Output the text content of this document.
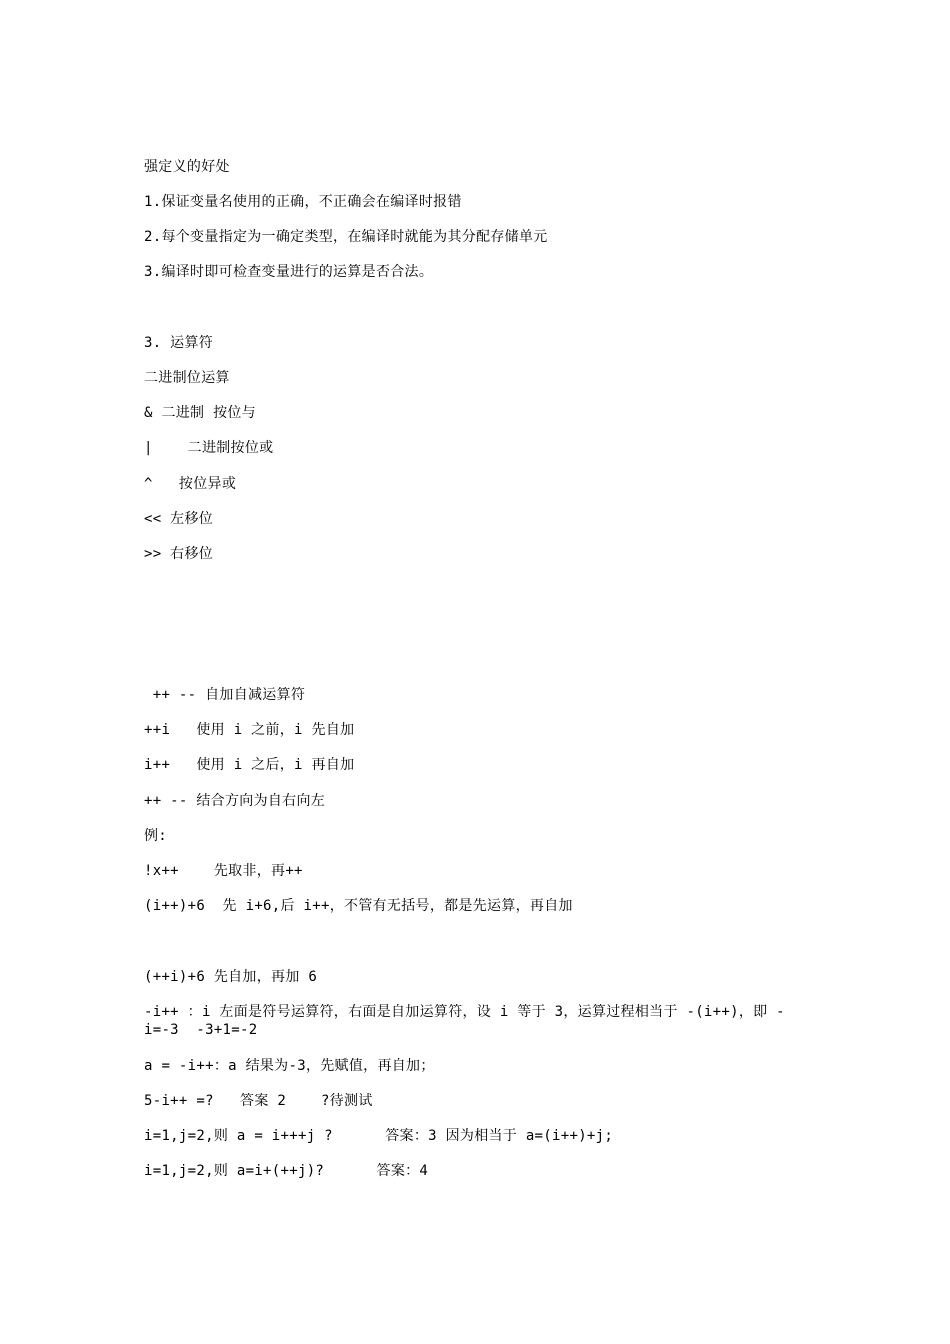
强定义的好处
1.保证变量名使用的正确，不正确会在编译时报错
2.每个变量指定为一确定类型，在编译时就能为其分配存储单元
3.编译时即可检查变量进行的运算是否合法。
3. 运算符
二进制位运算
& 二进制 按位与
|    二进制按位或
^   按位异或
<< 左移位
>> 右移位
++ -- 自加自减运算符
++i   使用 i 之前，i 先自加
i++   使用 i 之后，i 再自加
++ -- 结合方向为自右向左
例:
!x++    先取非，再++
(i++)+6  先 i+6,后 i++，不管有无括号，都是先运算，再自加
(++i)+6 先自加，再加 6
-i++ ：i 左面是符号运算符，右面是自加运算符，设 i 等于 3，运算过程相当于 -(i++)，即 -i=-3  -3+1=-2
a = -i++：a 结果为-3，先赋值，再自加；
5-i++ =?   答案 2    ?待测试
i=1,j=2,则 a = i+++j ?      答案：3 因为相当于 a=(i++)+j;
i=1,j=2,则 a=i+(++j)?      答案：4
